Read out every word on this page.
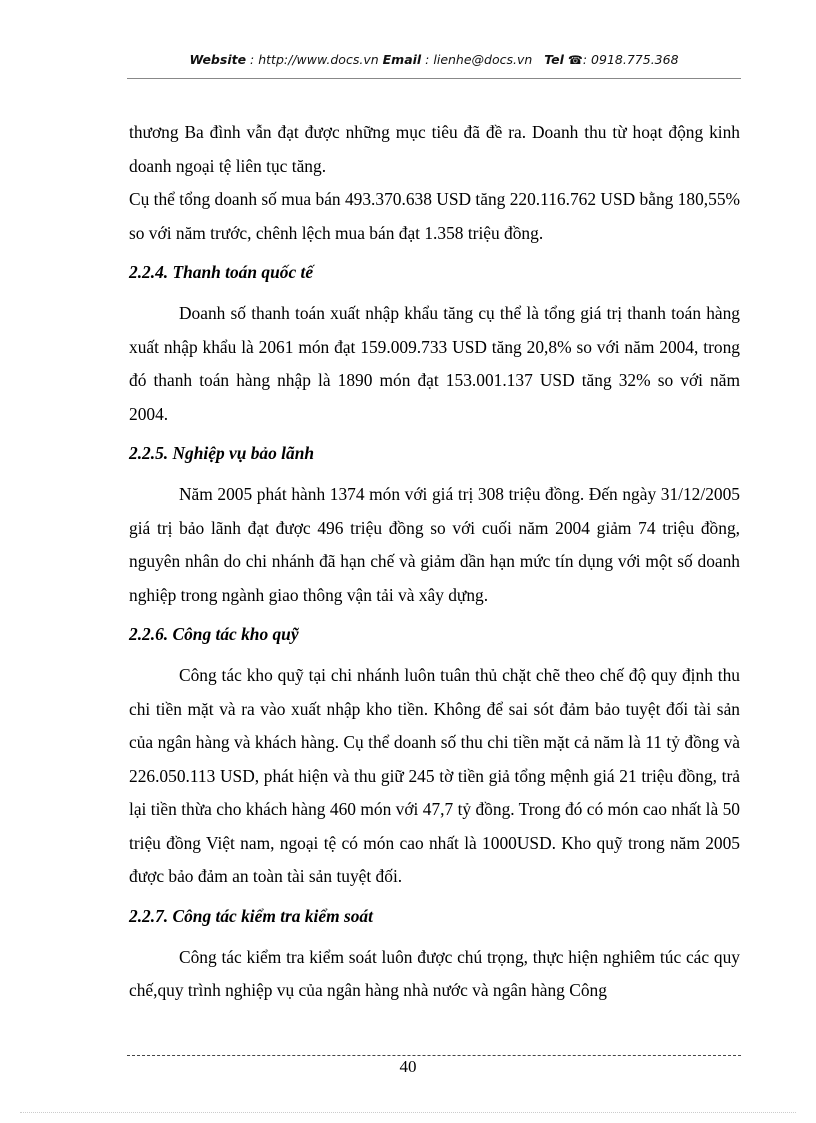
Website : http://www.docs.vn Email : lienhe@docs.vn Tel ☎: 0918.775.368

thương Ba đình vẫn đạt được những mục tiêu đã đề ra. Doanh thu từ hoạt động kinh doanh ngoại tệ liên tục tăng.

Cụ thể tổng doanh số mua bán 493.370.638 USD tăng 220.116.762 USD bằng 180,55% so với năm trước, chênh lệch mua bán đạt 1.358 triệu đồng.

2.2.4. Thanh toán quốc tế

Doanh số thanh toán xuất nhập khẩu tăng cụ thể là tổng giá trị thanh toán hàng xuất nhập khẩu là 2061 món đạt 159.009.733 USD tăng 20,8% so với năm 2004, trong đó thanh toán hàng nhập là 1890 món đạt 153.001.137 USD tăng 32% so với năm 2004.

2.2.5. Nghiệp vụ bảo lãnh

Năm 2005 phát hành 1374 món với giá trị 308 triệu đồng. Đến ngày 31/12/2005 giá trị bảo lãnh đạt được 496 triệu đồng so với cuối năm 2004 giảm 74 triệu đồng, nguyên nhân do chi nhánh đã hạn chế và giảm dần hạn mức tín dụng với một số doanh nghiệp trong ngành giao thông vận tải và xây dựng.

2.2.6. Công tác kho quỹ

Công tác kho quỹ tại chi nhánh luôn tuân thủ chặt chẽ theo chế độ quy định thu chi tiền mặt và ra vào xuất nhập kho tiền. Không để sai sót đảm bảo tuyệt đối tài sản của ngân hàng và khách hàng. Cụ thể doanh số thu chi tiền mặt cả năm là 11 tỷ đồng và 226.050.113 USD, phát hiện và thu giữ 245 tờ tiền giả tổng mệnh giá 21 triệu đồng, trả lại tiền thừa cho khách hàng 460 món với 47,7 tỷ đồng. Trong đó có món cao nhất là 50 triệu đồng Việt nam, ngoại tệ có món cao nhất là 1000USD. Kho quỹ trong năm 2005 được bảo đảm an toàn tài sản tuyệt đối.

2.2.7. Công tác kiểm tra kiểm soát

Công tác kiểm tra kiểm soát luôn được chú trọng, thực hiện nghiêm túc các quy chế,quy trình nghiệp vụ của ngân hàng nhà nước và ngân hàng Công

40
